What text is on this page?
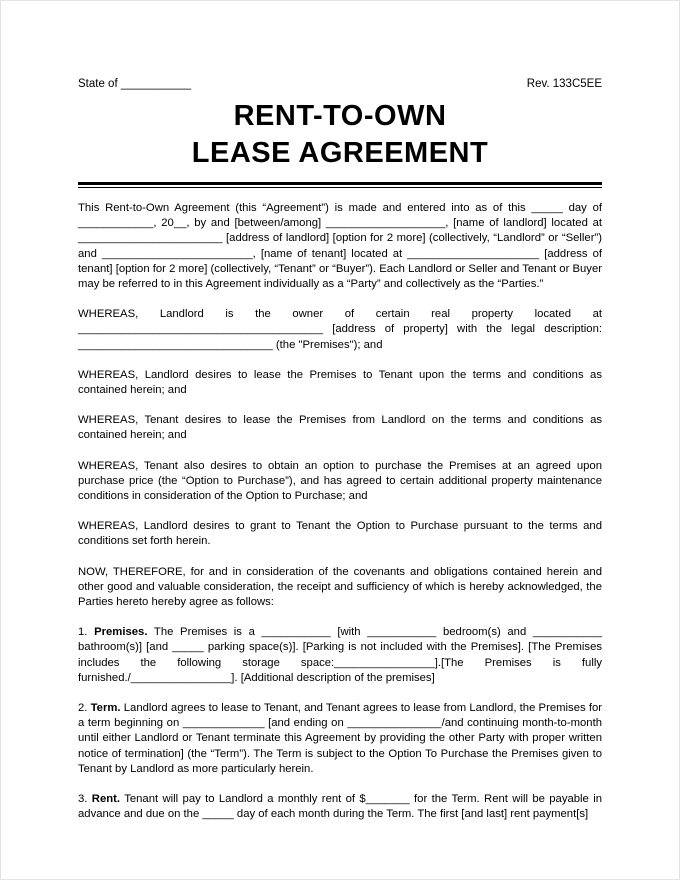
State of ___________	Rev. 133C5EE
RENT-TO-OWN
LEASE AGREEMENT

This Rent-to-Own Agreement (this “Agreement”) is made and entered into as of this _____ day of ____________, 20__, by and [between/among] ___________________, [name of landlord] located at _______________________ [address of landlord] [option for 2 more] (collectively, “Landlord” or “Seller”) and ________________________, [name of tenant] located at _____________________ [address of tenant] [option for 2 more] (collectively, “Tenant” or “Buyer”). Each Landlord or Seller and Tenant or Buyer may be referred to in this Agreement individually as a “Party” and collectively as the “Parties.”

WHEREAS, Landlord is the owner of certain real property located at _______________________________________ [address of property] with the legal description: _______________________________ (the "Premises"); and

WHEREAS, Landlord desires to lease the Premises to Tenant upon the terms and conditions as contained herein; and

WHEREAS, Tenant desires to lease the Premises from Landlord on the terms and conditions as contained herein; and

WHEREAS, Tenant also desires to obtain an option to purchase the Premises at an agreed upon purchase price (the “Option to Purchase”), and has agreed to certain additional property maintenance conditions in consideration of the Option to Purchase; and

WHEREAS, Landlord desires to grant to Tenant the Option to Purchase pursuant to the terms and conditions set forth herein.

NOW, THEREFORE, for and in consideration of the covenants and obligations contained herein and other good and valuable consideration, the receipt and sufficiency of which is hereby acknowledged, the Parties hereto hereby agree as follows:

1. Premises. The Premises is a ___________ [with ___________ bedroom(s) and ___________ bathroom(s)] [and _____ parking space(s)]. [Parking is not included with the Premises]. [The Premises includes the following storage space:________________].[The Premises is fully furnished./________________]. [Additional description of the premises]

2. Term. Landlord agrees to lease to Tenant, and Tenant agrees to lease from Landlord, the Premises for a term beginning on _____________ [and ending on _______________/and continuing month-to-month until either Landlord or Tenant terminate this Agreement by providing the other Party with proper written notice of termination] (the “Term”). The Term is subject to the Option To Purchase the Premises given to Tenant by Landlord as more particularly herein.

3. Rent. Tenant will pay to Landlord a monthly rent of $_______ for the Term. Rent will be payable in advance and due on the _____ day of each month during the Term. The first [and last] rent payment[s]
